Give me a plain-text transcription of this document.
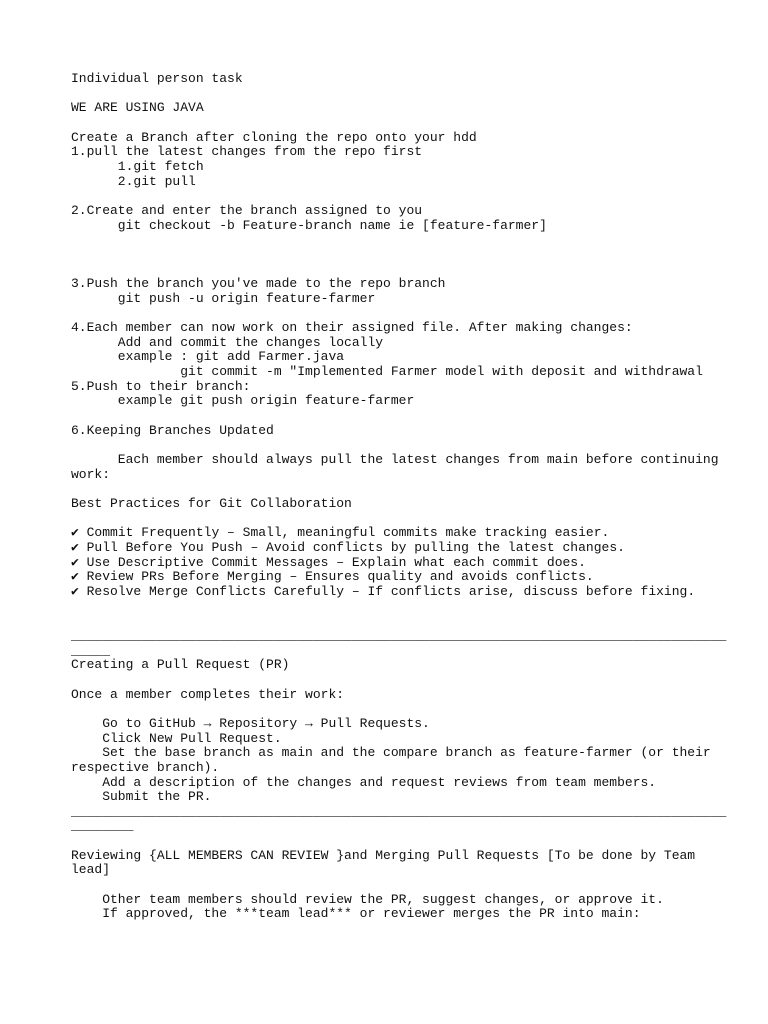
Individual person task
WE ARE USING JAVA
Create a Branch after cloning the repo onto your hdd
1.pull the latest changes from the repo first
1.git fetch
2.git pull
2.Create and enter the branch assigned to you
git checkout -b Feature-branch name ie [feature-farmer]
3.Push the branch you've made to the repo branch
git push -u origin feature-farmer
4.Each member can now work on their assigned file. After making changes:
Add and commit the changes locally
example : git add Farmer.java
git commit -m "Implemented Farmer model with deposit and withdrawal
5.Push to their branch:
example git push origin feature-farmer
6.Keeping Branches Updated
Each member should always pull the latest changes from main before continuing
work:
Best Practices for Git Collaboration
✔ Commit Frequently – Small, meaningful commits make tracking easier.
✔ Pull Before You Push – Avoid conflicts by pulling the latest changes.
✔ Use Descriptive Commit Messages – Explain what each commit does.
✔ Review PRs Before Merging – Ensures quality and avoids conflicts.
✔ Resolve Merge Conflicts Carefully – If conflicts arise, discuss before fixing.
____________________________________________________________________________________
_____
Creating a Pull Request (PR)
Once a member completes their work:
Go to GitHub → Repository → Pull Requests.
Click New Pull Request.
Set the base branch as main and the compare branch as feature-farmer (or their
respective branch).
Add a description of the changes and request reviews from team members.
Submit the PR.
____________________________________________________________________________________
________
Reviewing {ALL MEMBERS CAN REVIEW }and Merging Pull Requests [To be done by Team
lead]
Other team members should review the PR, suggest changes, or approve it.
If approved, the ***team lead*** or reviewer merges the PR into main:
